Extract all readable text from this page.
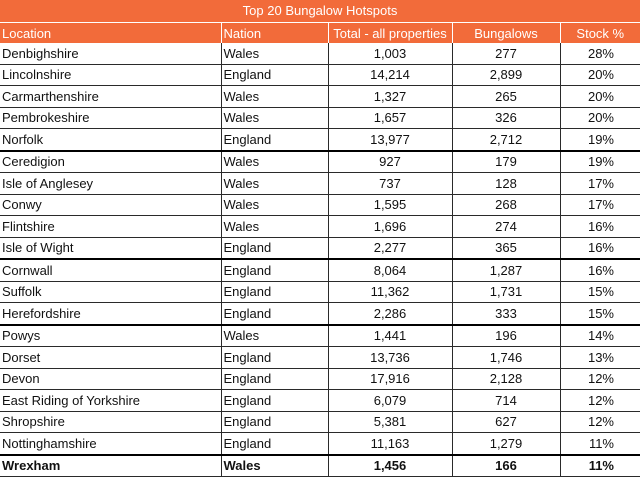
Top 20 Bungalow Hotspots
Location	Nation	Total - all properties	Bungalows	Stock %
Denbighshire	Wales	1,003	277	28%
Lincolnshire	England	14,214	2,899	20%
Carmarthenshire	Wales	1,327	265	20%
Pembrokeshire	Wales	1,657	326	20%
Norfolk	England	13,977	2,712	19%
Ceredigion	Wales	927	179	19%
Isle of Anglesey	Wales	737	128	17%
Conwy	Wales	1,595	268	17%
Flintshire	Wales	1,696	274	16%
Isle of Wight	England	2,277	365	16%
Cornwall	England	8,064	1,287	16%
Suffolk	England	11,362	1,731	15%
Herefordshire	England	2,286	333	15%
Powys	Wales	1,441	196	14%
Dorset	England	13,736	1,746	13%
Devon	England	17,916	2,128	12%
East Riding of Yorkshire	England	6,079	714	12%
Shropshire	England	5,381	627	12%
Nottinghamshire	England	11,163	1,279	11%
Wrexham	Wales	1,456	166	11%
